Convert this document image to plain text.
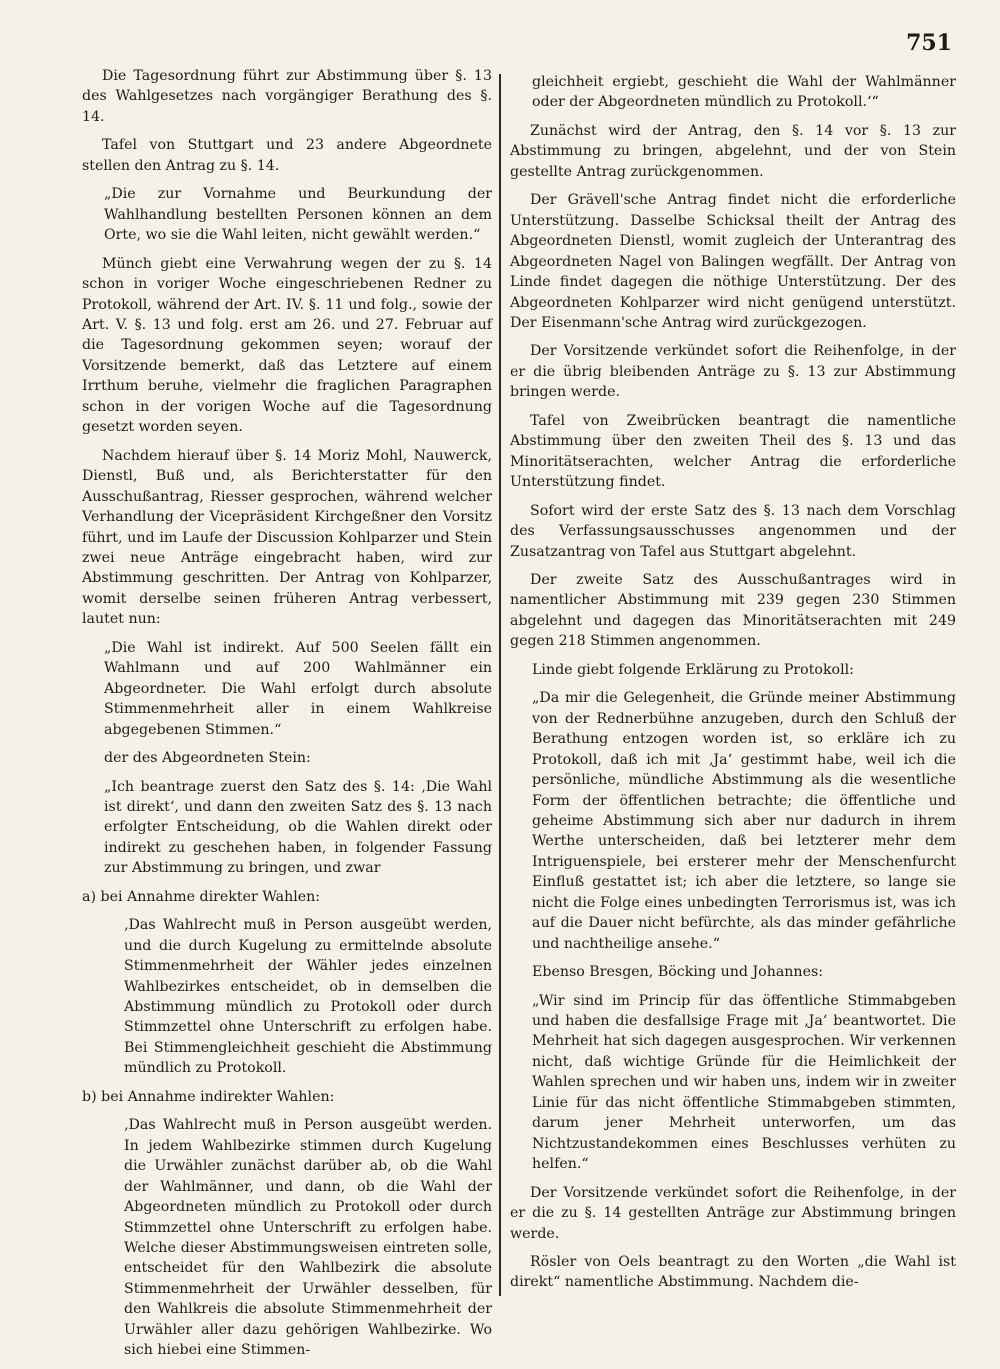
751

Die Tagesordnung führt zur Abstimmung über §. 13 des Wahlgesetzes nach vorgängiger Berathung des §. 14.

Tafel von Stuttgart und 23 andere Abgeordnete stellen den Antrag zu §. 14.

„Die zur Vornahme und Beurkundung der Wahlhandlung bestellten Personen können an dem Orte, wo sie die Wahl leiten, nicht gewählt werden.“

Münch giebt eine Verwahrung wegen der zu §. 14 schon in voriger Woche eingeschriebenen Redner zu Protokoll, während der Art. IV. §. 11 und folg., sowie der Art. V. §. 13 und folg. erst am 26. und 27. Februar auf die Tagesordnung gekommen seyen; worauf der Vorsitzende bemerkt, daß das Letztere auf einem Irrthum beruhe, vielmehr die fraglichen Paragraphen schon in der vorigen Woche auf die Tagesordnung gesetzt worden seyen.

Nachdem hierauf über §. 14 Moriz Mohl, Nauwerck, Dienstl, Buß und, als Berichterstatter für den Ausschußantrag, Riesser gesprochen, während welcher Verhandlung der Vicepräsident Kirchgeßner den Vorsitz führt, und im Laufe der Discussion Kohlparzer und Stein zwei neue Anträge eingebracht haben, wird zur Abstimmung geschritten. Der Antrag von Kohlparzer, womit derselbe seinen früheren Antrag verbessert, lautet nun:

„Die Wahl ist indirekt. Auf 500 Seelen fällt ein Wahlmann und auf 200 Wahlmänner ein Abgeordneter. Die Wahl erfolgt durch absolute Stimmenmehrheit aller in einem Wahlkreise abgegebenen Stimmen.“

der des Abgeordneten Stein:

„Ich beantrage zuerst den Satz des §. 14: ‚Die Wahl ist direkt‘, und dann den zweiten Satz des §. 13 nach erfolgter Entscheidung, ob die Wahlen direkt oder indirekt zu geschehen haben, in folgender Fassung zur Abstimmung zu bringen, und zwar

a) bei Annahme direkter Wahlen:

‚Das Wahlrecht muß in Person ausgeübt werden, und die durch Kugelung zu ermittelnde absolute Stimmenmehrheit der Wähler jedes einzelnen Wahlbezirkes entscheidet, ob in demselben die Abstimmung mündlich zu Protokoll oder durch Stimmzettel ohne Unterschrift zu erfolgen habe. Bei Stimmengleichheit geschieht die Abstimmung mündlich zu Protokoll.

b) bei Annahme indirekter Wahlen:

‚Das Wahlrecht muß in Person ausgeübt werden. In jedem Wahlbezirke stimmen durch Kugelung die Urwähler zunächst darüber ab, ob die Wahl der Wahlmänner, und dann, ob die Wahl der Abgeordneten mündlich zu Protokoll oder durch Stimmzettel ohne Unterschrift zu erfolgen habe. Welche dieser Abstimmungsweisen eintreten solle, entscheidet für den Wahlbezirk die absolute Stimmenmehrheit der Urwähler desselben, für den Wahlkreis die absolute Stimmenmehrheit der Urwähler aller dazu gehörigen Wahlbezirke. Wo sich hiebei eine Stimmen-

gleichheit ergiebt, geschieht die Wahl der Wahlmänner oder der Abgeordneten mündlich zu Protokoll.‘“

Zunächst wird der Antrag, den §. 14 vor §. 13 zur Abstimmung zu bringen, abgelehnt, und der von Stein gestellte Antrag zurückgenommen.

Der Grävell'sche Antrag findet nicht die erforderliche Unterstützung. Dasselbe Schicksal theilt der Antrag des Abgeordneten Dienstl, womit zugleich der Unterantrag des Abgeordneten Nagel von Balingen wegfällt. Der Antrag von Linde findet dagegen die nöthige Unterstützung. Der des Abgeordneten Kohlparzer wird nicht genügend unterstützt. Der Eisenmann'sche Antrag wird zurückgezogen.

Der Vorsitzende verkündet sofort die Reihenfolge, in der er die übrig bleibenden Anträge zu §. 13 zur Abstimmung bringen werde.

Tafel von Zweibrücken beantragt die namentliche Abstimmung über den zweiten Theil des §. 13 und das Minoritätserachten, welcher Antrag die erforderliche Unterstützung findet.

Sofort wird der erste Satz des §. 13 nach dem Vorschlag des Verfassungsausschusses angenommen und der Zusatzantrag von Tafel aus Stuttgart abgelehnt.

Der zweite Satz des Ausschußantrages wird in namentlicher Abstimmung mit 239 gegen 230 Stimmen abgelehnt und dagegen das Minoritätserachten mit 249 gegen 218 Stimmen angenommen.

Linde giebt folgende Erklärung zu Protokoll:

„Da mir die Gelegenheit, die Gründe meiner Abstimmung von der Rednerbühne anzugeben, durch den Schluß der Berathung entzogen worden ist, so erkläre ich zu Protokoll, daß ich mit ‚Ja‘ gestimmt habe, weil ich die persönliche, mündliche Abstimmung als die wesentliche Form der öffentlichen betrachte; die öffentliche und geheime Abstimmung sich aber nur dadurch in ihrem Werthe unterscheiden, daß bei letzterer mehr dem Intriguenspiele, bei ersterer mehr der Menschenfurcht Einfluß gestattet ist; ich aber die letztere, so lange sie nicht die Folge eines unbedingten Terrorismus ist, was ich auf die Dauer nicht befürchte, als das minder gefährliche und nachtheilige ansehe.“

Ebenso Bresgen, Böcking und Johannes:

„Wir sind im Princip für das öffentliche Stimmabgeben und haben die desfallsige Frage mit ‚Ja‘ beantwortet. Die Mehrheit hat sich dagegen ausgesprochen. Wir verkennen nicht, daß wichtige Gründe für die Heimlichkeit der Wahlen sprechen und wir haben uns, indem wir in zweiter Linie für das nicht öffentliche Stimmabgeben stimmten, darum jener Mehrheit unterworfen, um das Nichtzustandekommen eines Beschlusses verhüten zu helfen.“

Der Vorsitzende verkündet sofort die Reihenfolge, in der er die zu §. 14 gestellten Anträge zur Abstimmung bringen werde.

Rösler von Oels beantragt zu den Worten „die Wahl ist direkt“ namentliche Abstimmung. Nachdem die-
